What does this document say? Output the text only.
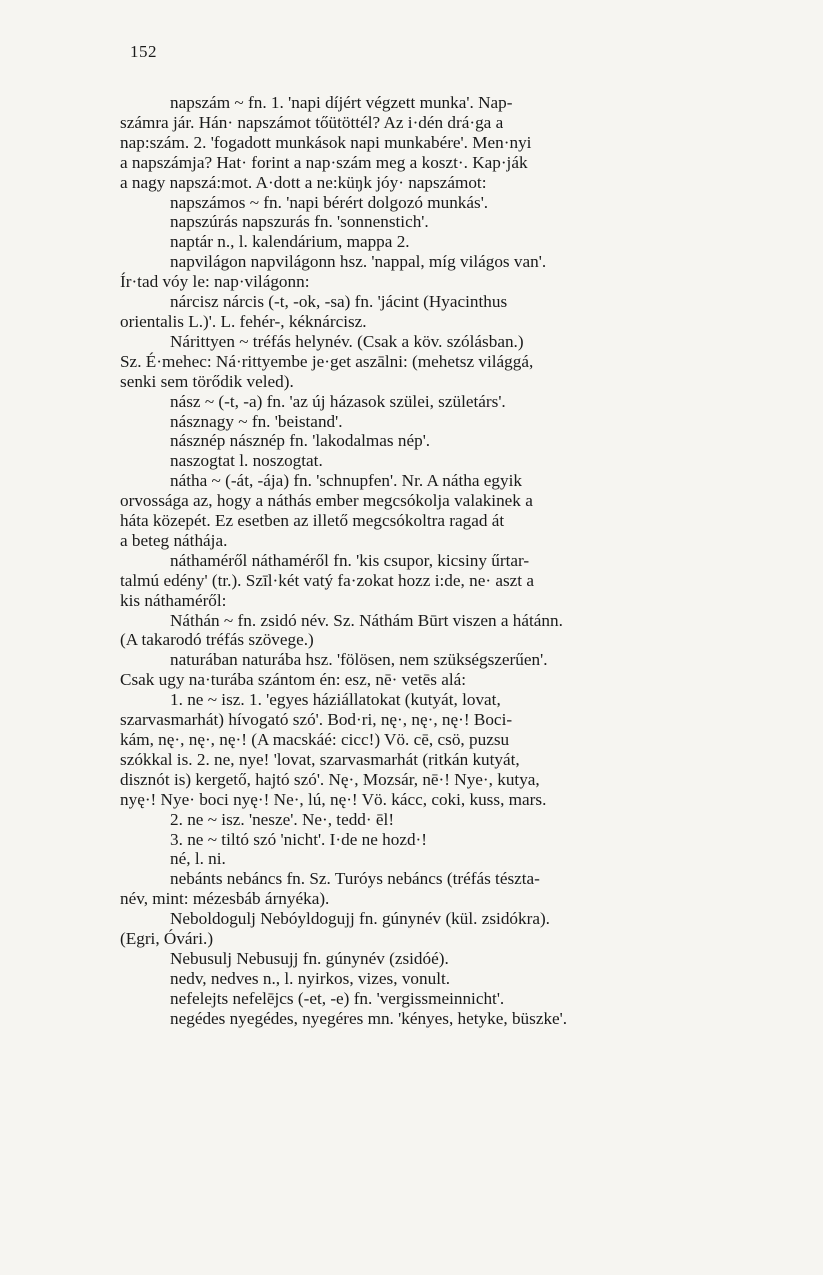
152
napszám ~ fn. 1. 'napi díjért végzett munka'. Nap-
számra jár. Hán· napszámot tőütöttél? Az i·dén drá·ga a
nap:szám. 2. 'fogadott munkások napi munkabére'. Men·nyi
a napszámja? Hat· forint a nap·szám meg a koszt·. Kap·ják
a nagy napszá:mot. A·dott a ne:küŋk jóy· napszámot:
napszámos ~ fn. 'napi bérért dolgozó munkás'.
napszúrás napszurás fn. 'sonnenstich'.
naptár n., l. kalendárium, mappa 2.
napvilágon napvilágonn hsz. 'nappal, míg világos van'.
Ír·tad vóy le: nap·világonn:
nárcisz nárcis (-t, -ok, -sa) fn. 'jácint (Hyacinthus
orientalis L.)'. L. fehér-, kéknárcisz.
Nárittyen ~ tréfás helynév. (Csak a köv. szólásban.)
Sz. É·mehec: Ná·rittyembe je·get aszālni: (mehetsz világgá,
senki sem törődik veled).
nász ~ (-t, -a) fn. 'az új házasok szülei, születárs'.
násznagy ~ fn. 'beistand'.
násznép násznép fn. 'lakodalmas nép'.
naszogtat l. noszogtat.
nátha ~ (-át, -ája) fn. 'schnupfen'. Nr. A nátha egyik
orvossága az, hogy a náthás ember megcsókolja valakinek a
háta közepét. Ez esetben az illető megcsókoltra ragad át
a beteg náthája.
náthaméről náthaméről fn. 'kis csupor, kicsiny űrtar-
talmú edény' (tr.). Szīl·két vatý fa·zokat hozz i:de, ne· aszt a
kis náthaméről:
Náthán ~ fn. zsidó név. Sz. Náthám Būrt viszen a hátánn.
(A takarodó tréfás szövege.)
naturában naturába hsz. 'fölösen, nem szükségszerűen'.
Csak ugy na·turába szántom én: esz, nē· vetēs alá:
1. ne ~ isz. 1. 'egyes háziállatokat (kutyát, lovat,
szarvasmarhát) hívogató szó'. Bod·ri, nę·, nę·, nę·! Boci-
kám, nę·, nę·, nę·! (A macskáé: cicc!) Vö. cē, csö, puzsu
szókkal is. 2. ne, nye! 'lovat, szarvasmarhát (ritkán kutyát,
disznót is) kergető, hajtó szó'. Nę·, Mozsár, nē·! Nye·, kutya,
nyę·! Nye· boci nyę·! Ne·, lú, nę·! Vö. kácc, coki, kuss, mars.
2. ne ~ isz. 'nesze'. Ne·, tedd· ēl!
3. ne ~ tiltó szó 'nicht'. I·de ne hozd·!
né, l. ni.
nebánts nebáncs fn. Sz. Turóys nebáncs (tréfás tészta-
név, mint: mézesbáb árnyéka).
Neboldogulj Nebóyldogujj fn. gúnynév (kül. zsidókra).
(Egri, Óvári.)
Nebusulj Nebusujj fn. gúnynév (zsidóé).
nedv, nedves n., l. nyirkos, vizes, vonult.
nefelejts nefelējcs (-et, -e) fn. 'vergissmeinnicht'.
negédes nyegédes, nyegéres mn. 'kényes, hetyke, büszke'.
